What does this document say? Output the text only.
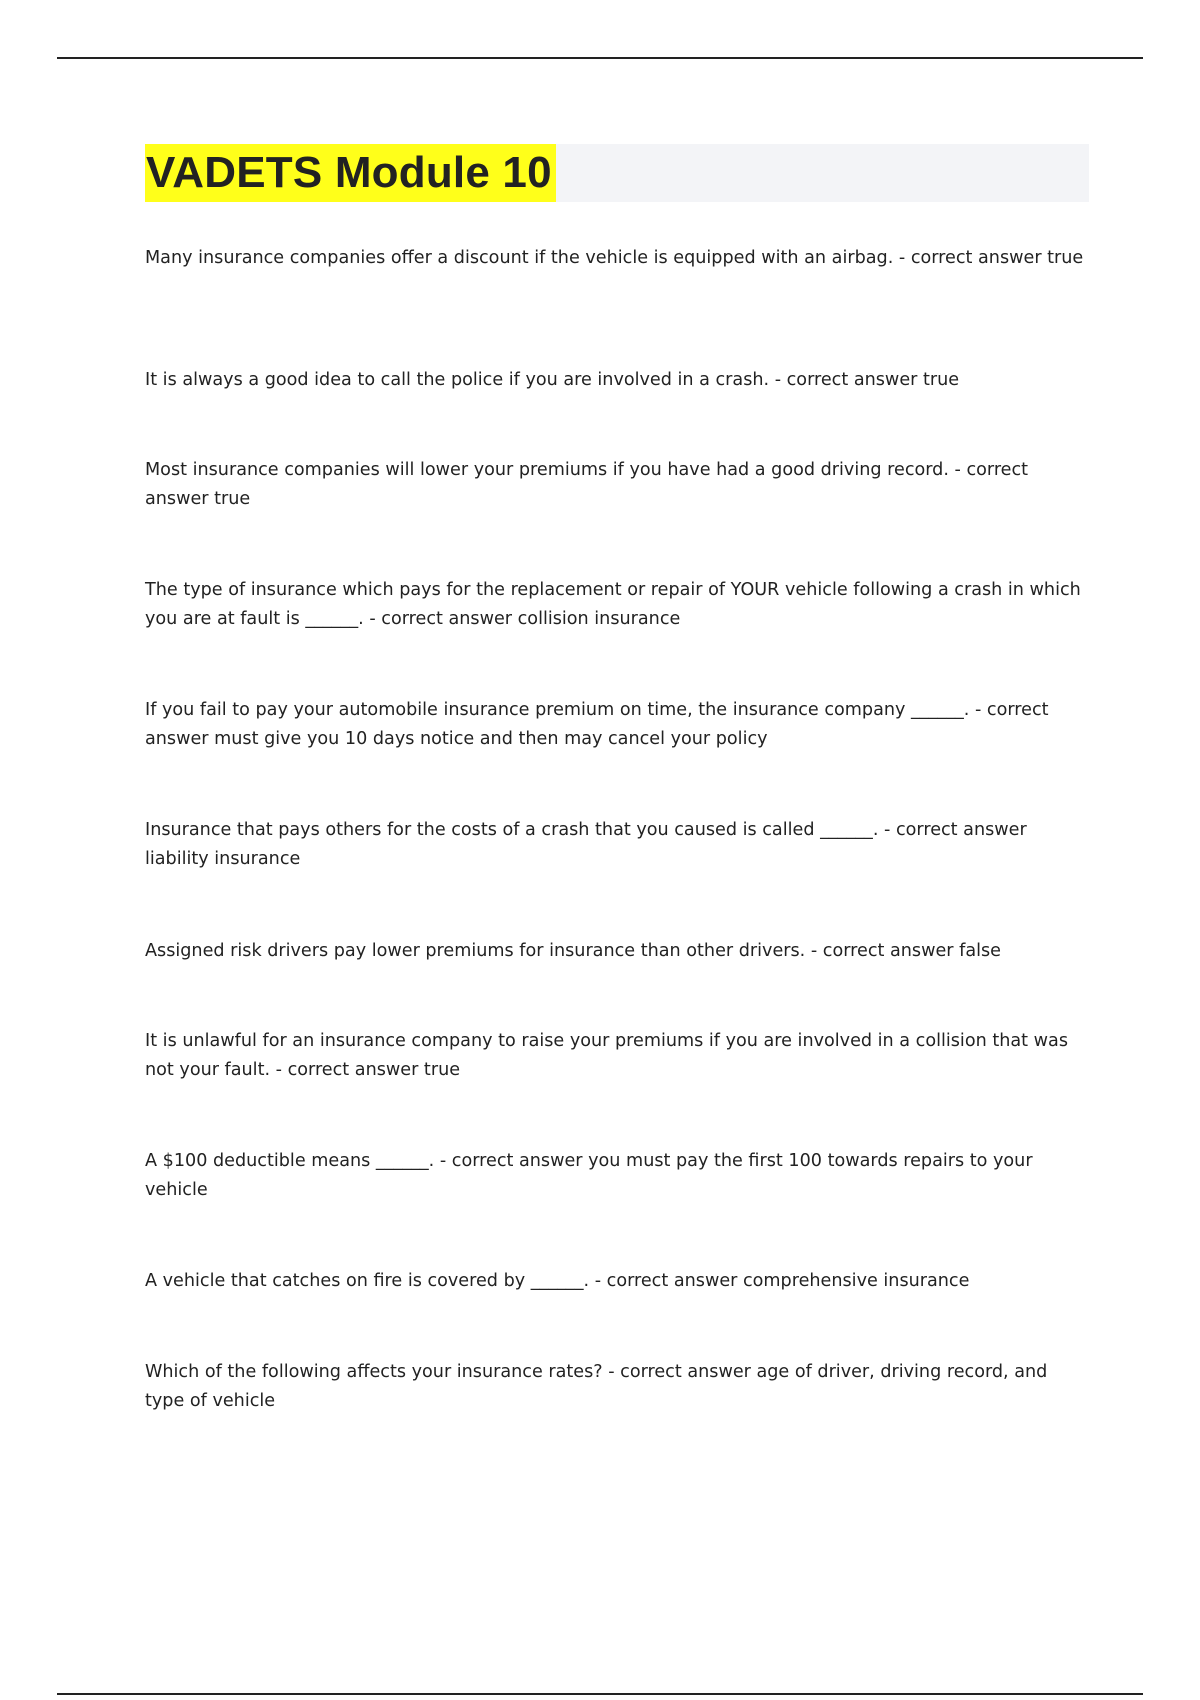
VADETS Module 10
Many insurance companies offer a discount if the vehicle is equipped with an airbag. - correct answer true
It is always a good idea to call the police if you are involved in a crash. - correct answer true
Most insurance companies will lower your premiums if you have had a good driving record. - correct answer true
The type of insurance which pays for the replacement or repair of YOUR vehicle following a crash in which you are at fault is ______. - correct answer collision insurance
If you fail to pay your automobile insurance premium on time, the insurance company ______. - correct answer must give you 10 days notice and then may cancel your policy
Insurance that pays others for the costs of a crash that you caused is called ______. - correct answer liability insurance
Assigned risk drivers pay lower premiums for insurance than other drivers. - correct answer false
It is unlawful for an insurance company to raise your premiums if you are involved in a collision that was not your fault. - correct answer true
A $100 deductible means ______. - correct answer you must pay the first 100 towards repairs to your vehicle
A vehicle that catches on fire is covered by ______. - correct answer comprehensive insurance
Which of the following affects your insurance rates? - correct answer age of driver, driving record, and type of vehicle
